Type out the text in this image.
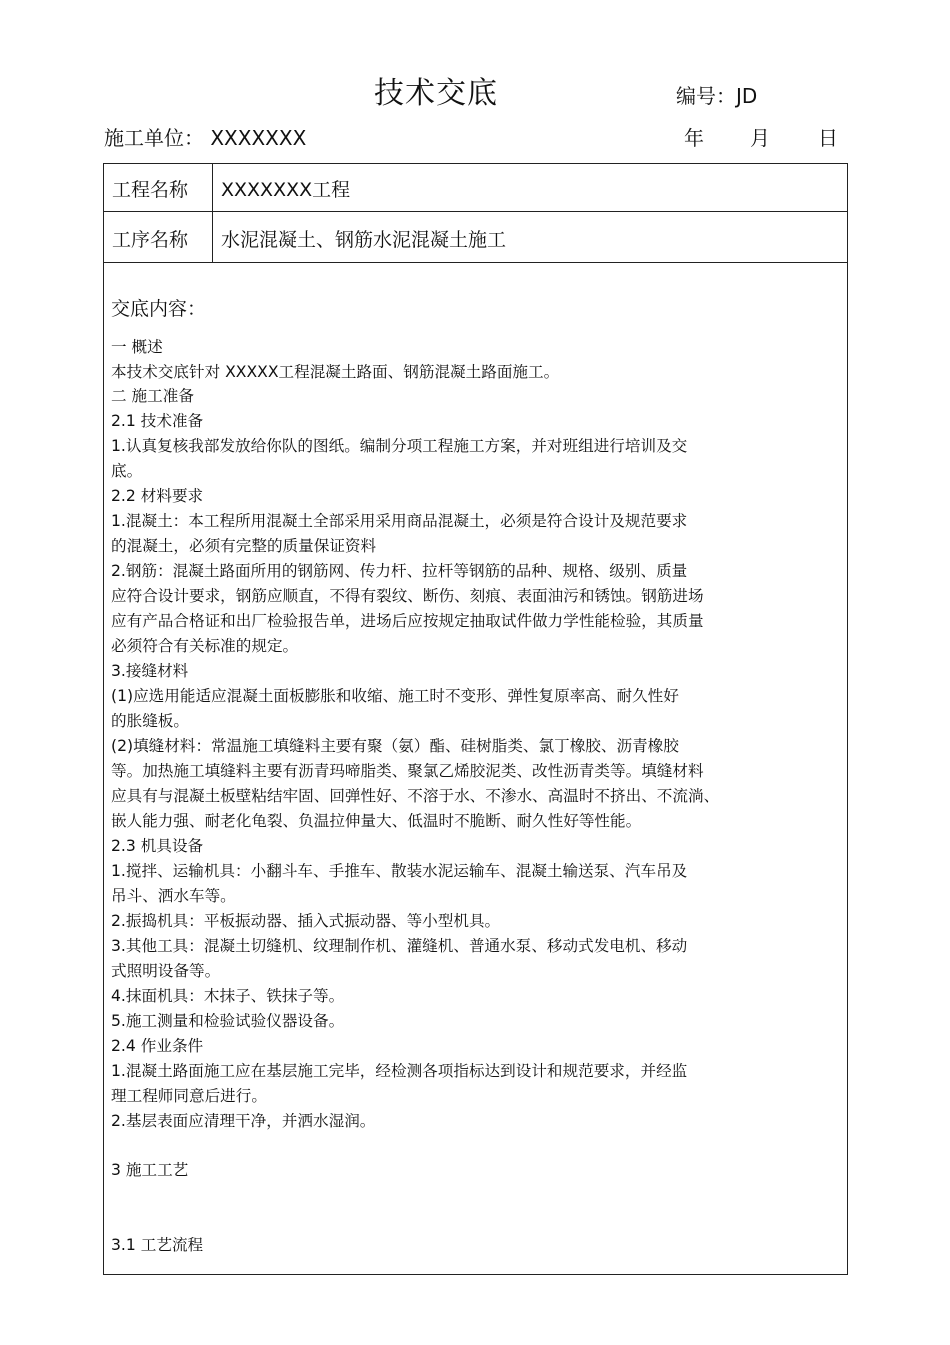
技术交底	编号：JD
施工单位： XXXXXXX	年 月 日
工程名称 XXXXXXX工程
工序名称 水泥混凝土、钢筋水泥混凝土施工
交底内容：
一 概述
本技术交底针对 XXXXX工程混凝土路面、钢筋混凝土路面施工。
二 施工准备
2.1 技术准备
1.认真复核我部发放给你队的图纸。编制分项工程施工方案，并对班组进行培训及交
底。
2.2 材料要求
1.混凝土：本工程所用混凝土全部采用采用商品混凝土，必须是符合设计及规范要求
的混凝土，必须有完整的质量保证资料
2.钢筋：混凝土路面所用的钢筋网、传力杆、拉杆等钢筋的品种、规格、级别、质量
应符合设计要求，钢筋应顺直，不得有裂纹、断伤、刻痕、表面油污和锈蚀。钢筋进场
应有产品合格证和出厂检验报告单，进场后应按规定抽取试件做力学性能检验，其质量
必须符合有关标准的规定。
3.接缝材料
(1)应选用能适应混凝土面板膨胀和收缩、施工时不变形、弹性复原率高、耐久性好
的胀缝板。
(2)填缝材料：常温施工填缝料主要有聚（氨）酯、硅树脂类、氯丁橡胶、沥青橡胶
等。加热施工填缝料主要有沥青玛啼脂类、聚氯乙烯胶泥类、改性沥青类等。填缝材料
应具有与混凝土板壁粘结牢固、回弹性好、不溶于水、不渗水、高温时不挤出、不流淌、
嵌人能力强、耐老化龟裂、负温拉伸量大、低温时不脆断、耐久性好等性能。
2.3 机具设备
1.搅拌、运输机具：小翻斗车、手推车、散装水泥运输车、混凝土输送泵、汽车吊及
吊斗、洒水车等。
2.振捣机具：平板振动器、插入式振动器、等小型机具。
3.其他工具：混凝土切缝机、纹理制作机、灌缝机、普通水泵、移动式发电机、移动
式照明设备等。
4.抹面机具：木抹子、铁抹子等。
5.施工测量和检验试验仪器设备。
2.4 作业条件
1.混凝土路面施工应在基层施工完毕，经检测各项指标达到设计和规范要求，并经监
理工程师同意后进行。
2.基层表面应清理干净，并洒水湿润。
3 施工工艺
3.1 工艺流程
